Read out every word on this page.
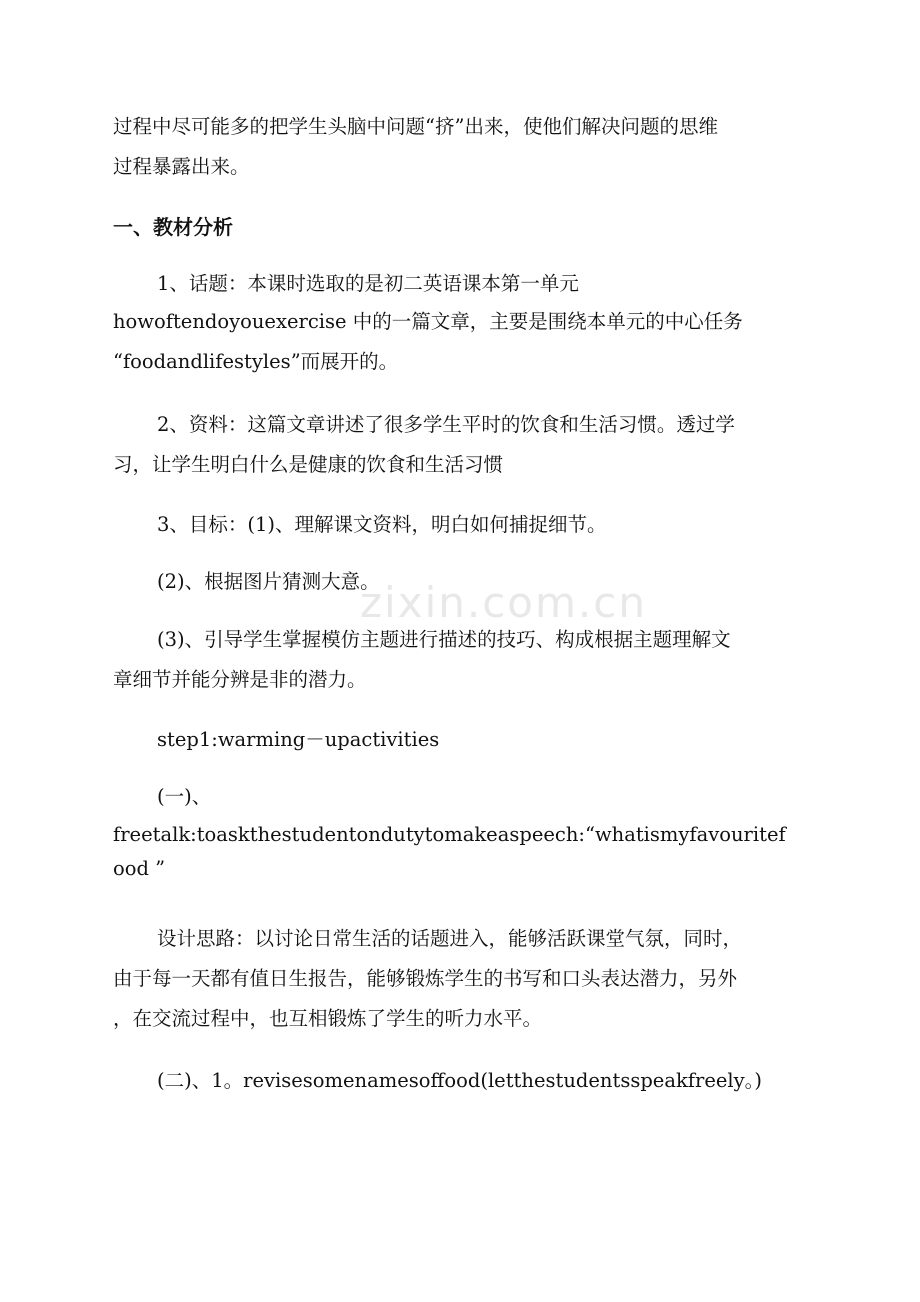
zixin.com.cn
过程中尽可能多的把学生头脑中问题“挤”出来，使他们解决问题的思维
过程暴露出来。
一、教材分析
1、话题：本课时选取的是初二英语课本第一单元
howoftendoyouexercise 中的一篇文章，主要是围绕本单元的中心任务
“foodandlifestyles”而展开的。
2、资料：这篇文章讲述了很多学生平时的饮食和生活习惯。透过学
习，让学生明白什么是健康的饮食和生活习惯
3、目标：(1)、理解课文资料，明白如何捕捉细节。
(2)、根据图片猜测大意。
(3)、引导学生掌握模仿主题进行描述的技巧、构成根据主题理解文
章细节并能分辨是非的潜力。
step1:warming－upactivities
(一)、
freetalk:toaskthestudentondutytomakeaspeech:“whatismyfavouritef
ood ”
设计思路：以讨论日常生活的话题进入，能够活跃课堂气氛，同时，
由于每一天都有值日生报告，能够锻炼学生的书写和口头表达潜力，另外
，在交流过程中，也互相锻炼了学生的听力水平。
(二)、1。revisesomenamesoffood(letthestudentsspeakfreely。)
